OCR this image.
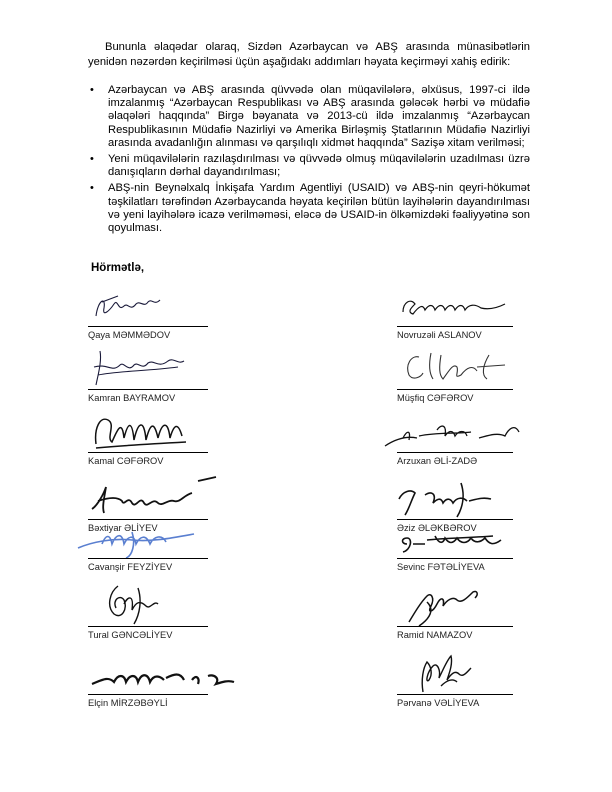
Bununla əlaqədar olaraq, Sizdən Azərbaycan və ABŞ arasında münasibətlərin yenidən nəzərdən keçirilməsi üçün aşağıdakı addımları həyata keçirməyi xahiş edirik:
• Azərbaycan və ABŞ arasında qüvvədə olan müqavilələrə, əlxüsus, 1997-ci ildə imzalanmış “Azərbaycan Respublikası və ABŞ arasında gələcək hərbi və müdafiə əlaqələri haqqında” Birgə bəyanata və 2013-cü ildə imzalanmış “Azərbaycan Respublikasının Müdafiə Nazirliyi və Amerika Birləşmiş Ştatlarının Müdafiə Nazirliyi arasında avadanlığın alınması və qarşılıqlı xidmət haqqında” Sazişə xitam verilməsi;
• Yeni müqavilələrin razılaşdırılması və qüvvədə olmuş müqavilələrin uzadılması üzrə danışıqların dərhal dayandırılması;
• ABŞ-nin Beynəlxalq İnkişafa Yardım Agentliyi (USAID) və ABŞ-nin qeyri-hökumət təşkilatları tərəfindən Azərbaycanda həyata keçirilən bütün layihələrin dayandırılması və yeni layihələrə icazə verilməməsi, eləcə də USAID-in ölkəmizdəki fəaliyyətinə son qoyulması.
Hörmətlə,
Qaya MƏMMƏDOV
Kamran BAYRAMOV
Kamal CƏFƏROV
Bəxtiyar ƏLİYEV
Cavanşir FEYZİYEV
Tural GƏNCƏLİYEV
Elçin MİRZƏBƏYLİ
Novruzəli ASLANOV
Müşfiq CƏFƏROV
Arzuxan ƏLİ-ZADƏ
Əziz ƏLƏKBƏROV
Sevinc FƏTƏLİYEVA
Ramid NAMAZOV
Pərvanə VƏLİYEVA
